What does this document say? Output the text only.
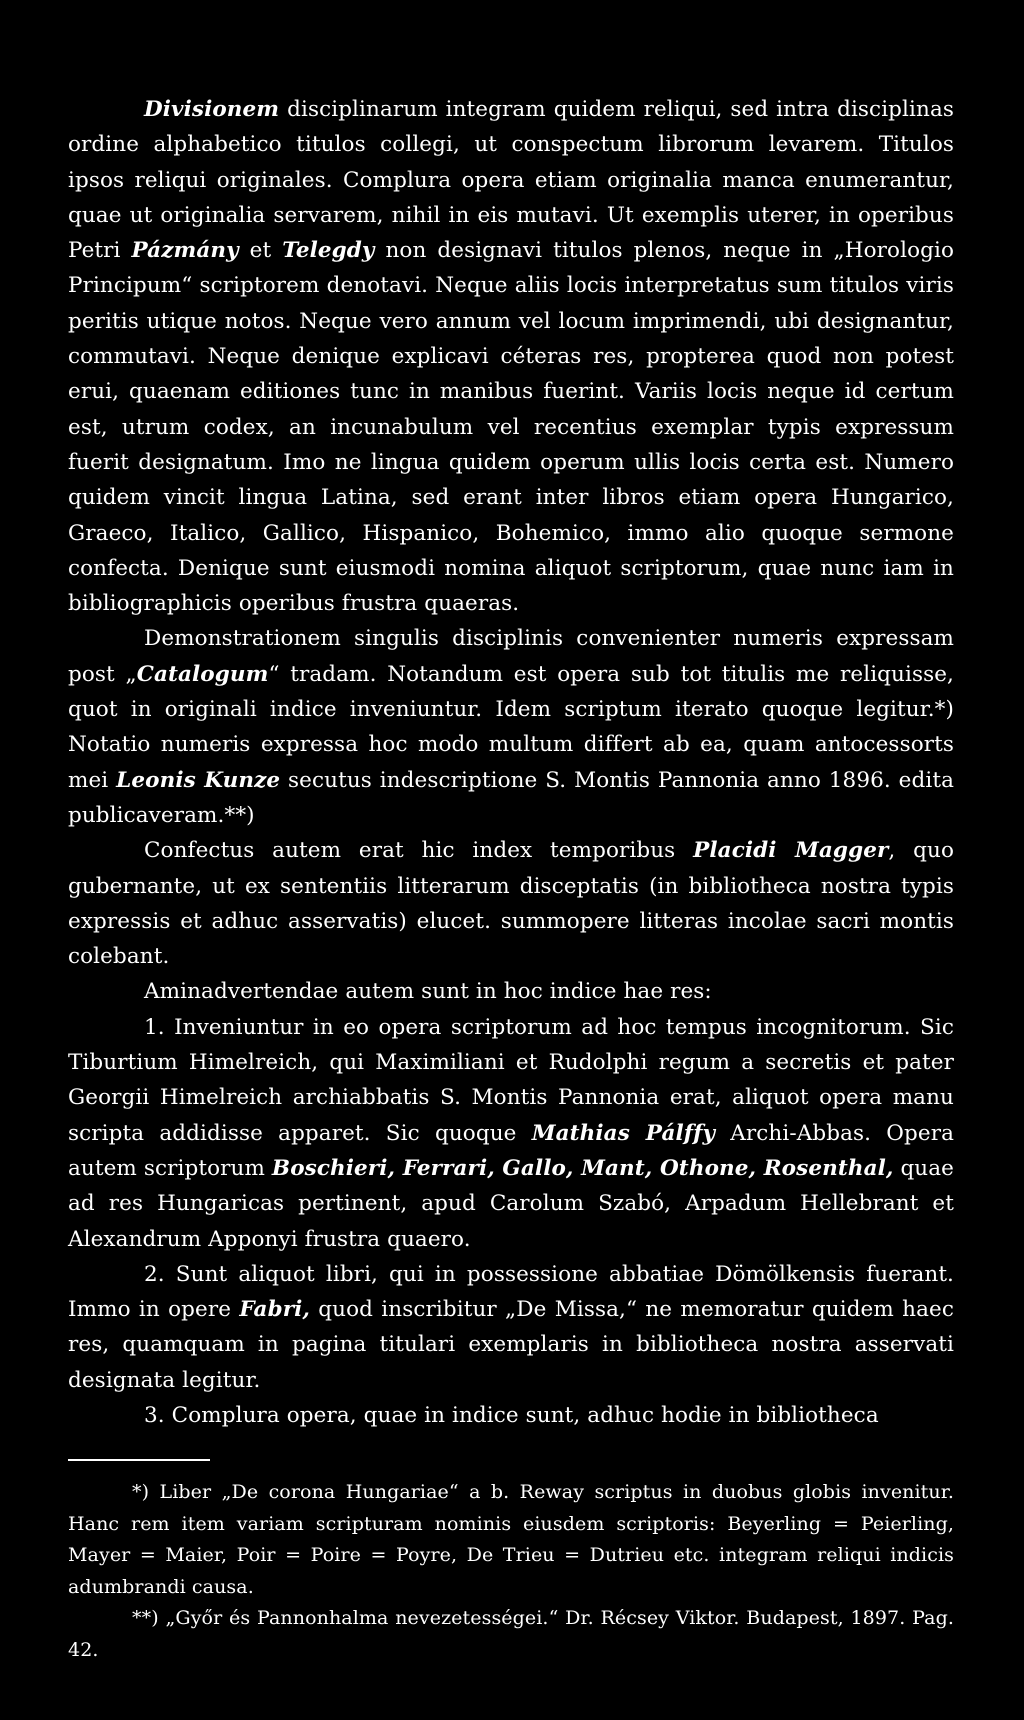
Divisionem disciplinarum integram quidem reliqui, sed intra disciplinas ordine alphabetico titulos collegi, ut conspectum librorum levarem. Titulos ipsos reliqui originales. Complura opera etiam originalia manca enumerantur, quae ut originalia servarem, nihil in eis mutavi. Ut exemplis uterer, in operibus Petri Pázmány et Telegdy non designavi titulos plenos, neque in „Horologio Principum“ scriptorem denotavi. Neque aliis locis interpretatus sum titulos viris peritis utique notos. Neque vero annum vel locum imprimendi, ubi designantur, commutavi. Neque denique explicavi céteras res, propterea quod non potest erui, quaenam editiones tunc in manibus fuerint. Variis locis neque id certum est, utrum codex, an incunabulum vel recentius exemplar typis expressum fuerit designatum. Imo ne lingua quidem operum ullis locis certa est. Numero quidem vincit lingua Latina, sed erant inter libros etiam opera Hungarico, Graeco, Italico, Gallico, Hispanico, Bohemico, immo alio quoque sermone confecta. Denique sunt eiusmodi nomina aliquot scriptorum, quae nunc iam in bibliographicis operibus frustra quaeras.

Demonstrationem singulis disciplinis convenienter numeris expressam post „Catalogum“ tradam. Notandum est opera sub tot titulis me reliquisse, quot in originali indice inveniuntur. Idem scriptum iterato quoque legitur.*) Notatio numeris expressa hoc modo multum differt ab ea, quam antocessorts mei Leonis Kunze secutus indescriptione S. Montis Pannonia anno 1896. edita publicaveram.**)

Confectus autem erat hic index temporibus Placidi Magger, quo gubernante, ut ex sententiis litterarum disceptatis (in bibliotheca nostra typis expressis et adhuc asservatis) elucet. summopere litteras incolae sacri montis colebant.

Aminadvertendae autem sunt in hoc indice hae res:

1. Inveniuntur in eo opera scriptorum ad hoc tempus incognitorum. Sic Tiburtium Himelreich, qui Maximiliani et Rudolphi regum a secretis et pater Georgii Himelreich archiabbatis S. Montis Pannonia erat, aliquot opera manu scripta addidisse apparet. Sic quoque Mathias Pálffy Archi-Abbas. Opera autem scriptorum Boschieri, Ferrari, Gallo, Mant, Othone, Rosenthal, quae ad res Hungaricas pertinent, apud Carolum Szabó, Arpadum Hellebrant et Alexandrum Apponyi frustra quaero.

2. Sunt aliquot libri, qui in possessione abbatiae Dömölkensis fuerant. Immo in opere Fabri, quod inscribitur „De Missa,“ ne memoratur quidem haec res, quamquam in pagina titulari exemplaris in bibliotheca nostra asservati designata legitur.

3. Complura opera, quae in indice sunt, adhuc hodie in bibliotheca

*) Liber „De corona Hungariae“ a b. Reway scriptus in duobus globis invenitur. Hanc rem item variam scripturam nominis eiusdem scriptoris: Beyerling = Peierling, Mayer = Maier, Poir = Poire = Poyre, De Trieu = Dutrieu etc. integram reliqui indicis adumbrandi causa.

**) „Győr és Pannonhalma nevezetességei.“ Dr. Récsey Viktor. Budapest, 1897. Pag. 42.
